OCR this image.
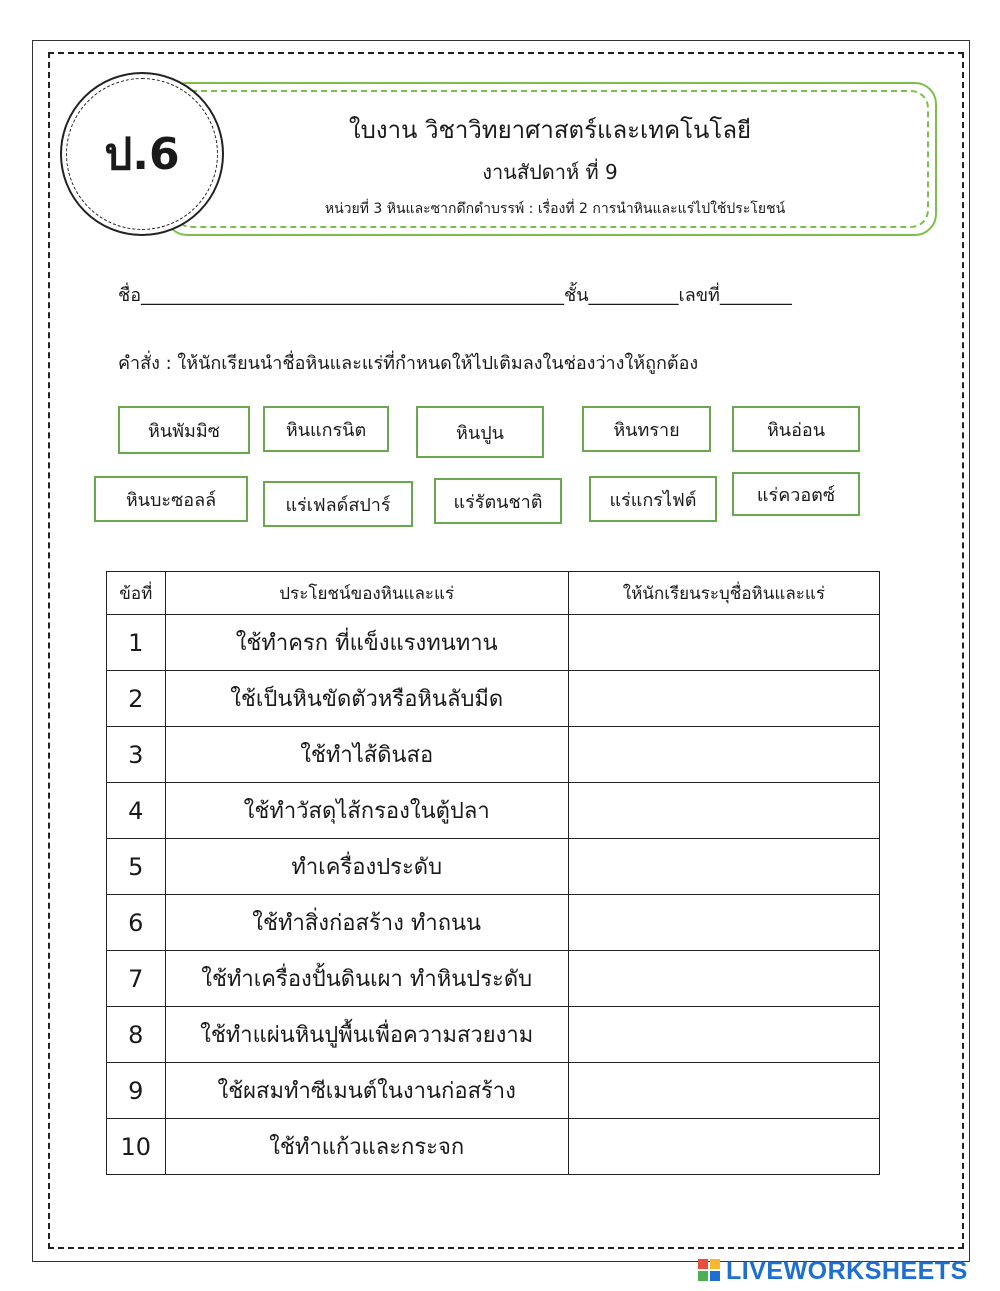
ป.6	ใบงาน วิชาวิทยาศาสตร์และเทคโนโลยี
งานสัปดาห์ ที่ 9
หน่วยที่ 3 หินและซากดึกดำบรรพ์ : เรื่องที่ 2 การนำหินและแร่ไปใช้ประโยชน์
ชื่อ_______________________________________________ชั้น__________เลขที่________
คำสั่ง : ให้นักเรียนนำชื่อหินและแร่ที่กำหนดให้ไปเติมลงในช่องว่างให้ถูกต้อง
หินพัมมิซ	หินแกรนิต	หินปูน	หินทราย	หินอ่อน
หินบะซอลล์	แร่เฟลด์สปาร์	แร่รัตนชาติ	แร่แกรไฟต์	แร่ควอตซ์
ข้อที่	ประโยชน์ของหินและแร่	ให้นักเรียนระบุชื่อหินและแร่
1	ใช้ทำครก ที่แข็งแรงทนทาน	
2	ใช้เป็นหินขัดตัวหรือหินลับมีด	
3	ใช้ทำไส้ดินสอ	
4	ใช้ทำวัสดุไส้กรองในตู้ปลา	
5	ทำเครื่องประดับ	
6	ใช้ทำสิ่งก่อสร้าง ทำถนน	
7	ใช้ทำเครื่องปั้นดินเผา ทำหินประดับ	
8	ใช้ทำแผ่นหินปูพื้นเพื่อความสวยงาม	
9	ใช้ผสมทำซีเมนต์ในงานก่อสร้าง	
10	ใช้ทำแก้วและกระจก	
LIVEWORKSHEETS
